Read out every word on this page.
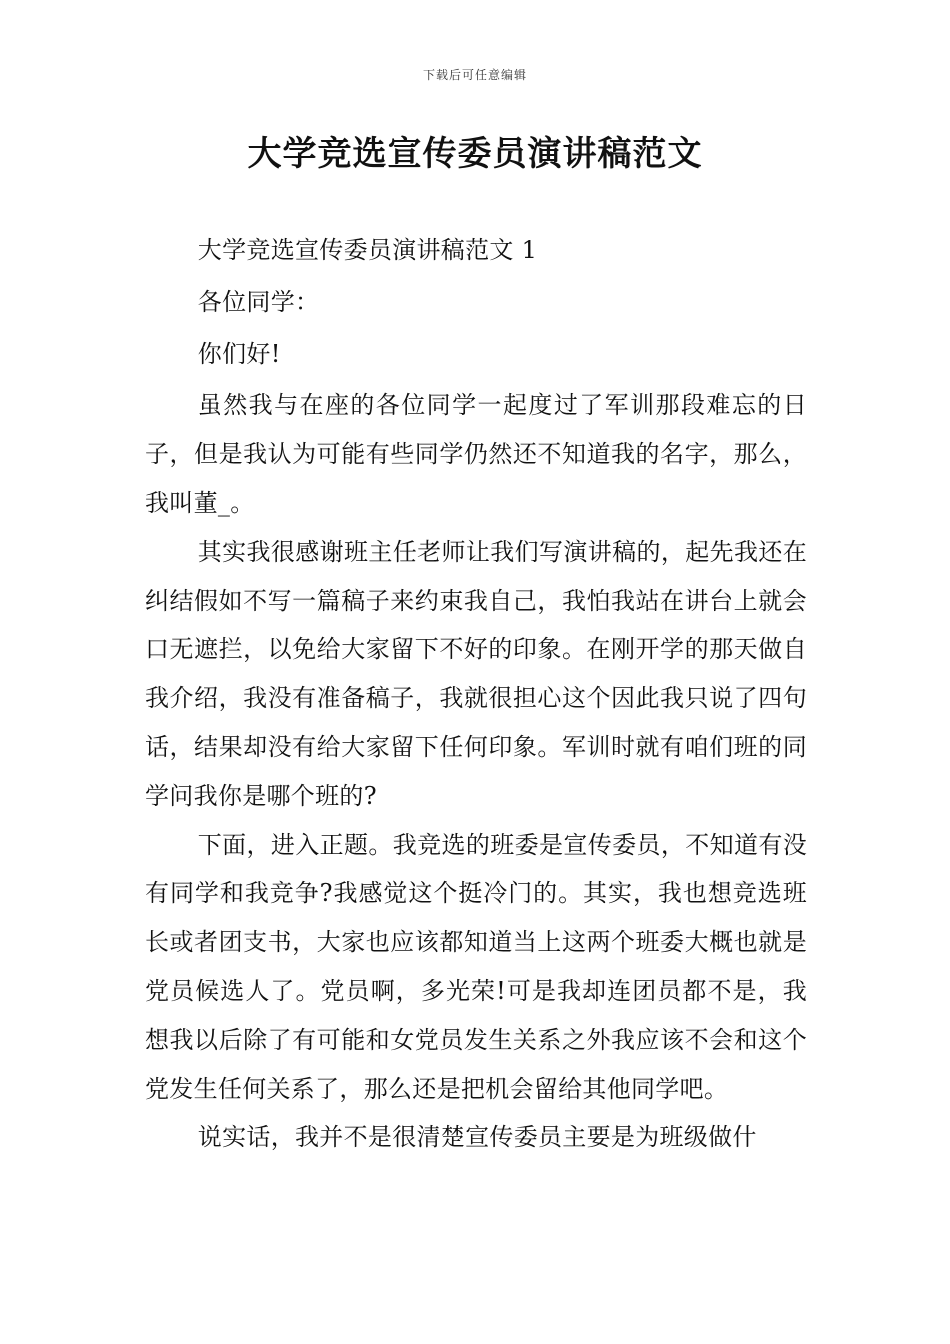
下载后可任意编辑
大学竞选宣传委员演讲稿范文

大学竞选宣传委员演讲稿范文 1

各位同学：

你们好!

虽然我与在座的各位同学一起度过了军训那段难忘的日子，但是我认为可能有些同学仍然还不知道我的名字，那么，我叫董_。

其实我很感谢班主任老师让我们写演讲稿的，起先我还在纠结假如不写一篇稿子来约束我自己，我怕我站在讲台上就会口无遮拦，以免给大家留下不好的印象。在刚开学的那天做自我介绍，我没有准备稿子，我就很担心这个因此我只说了四句话，结果却没有给大家留下任何印象。军训时就有咱们班的同学问我你是哪个班的?

下面，进入正题。我竞选的班委是宣传委员，不知道有没有同学和我竞争?我感觉这个挺冷门的。其实，我也想竞选班长或者团支书，大家也应该都知道当上这两个班委大概也就是党员候选人了。党员啊，多光荣!可是我却连团员都不是，我想我以后除了有可能和女党员发生关系之外我应该不会和这个党发生任何关系了，那么还是把机会留给其他同学吧。

说实话，我并不是很清楚宣传委员主要是为班级做什
